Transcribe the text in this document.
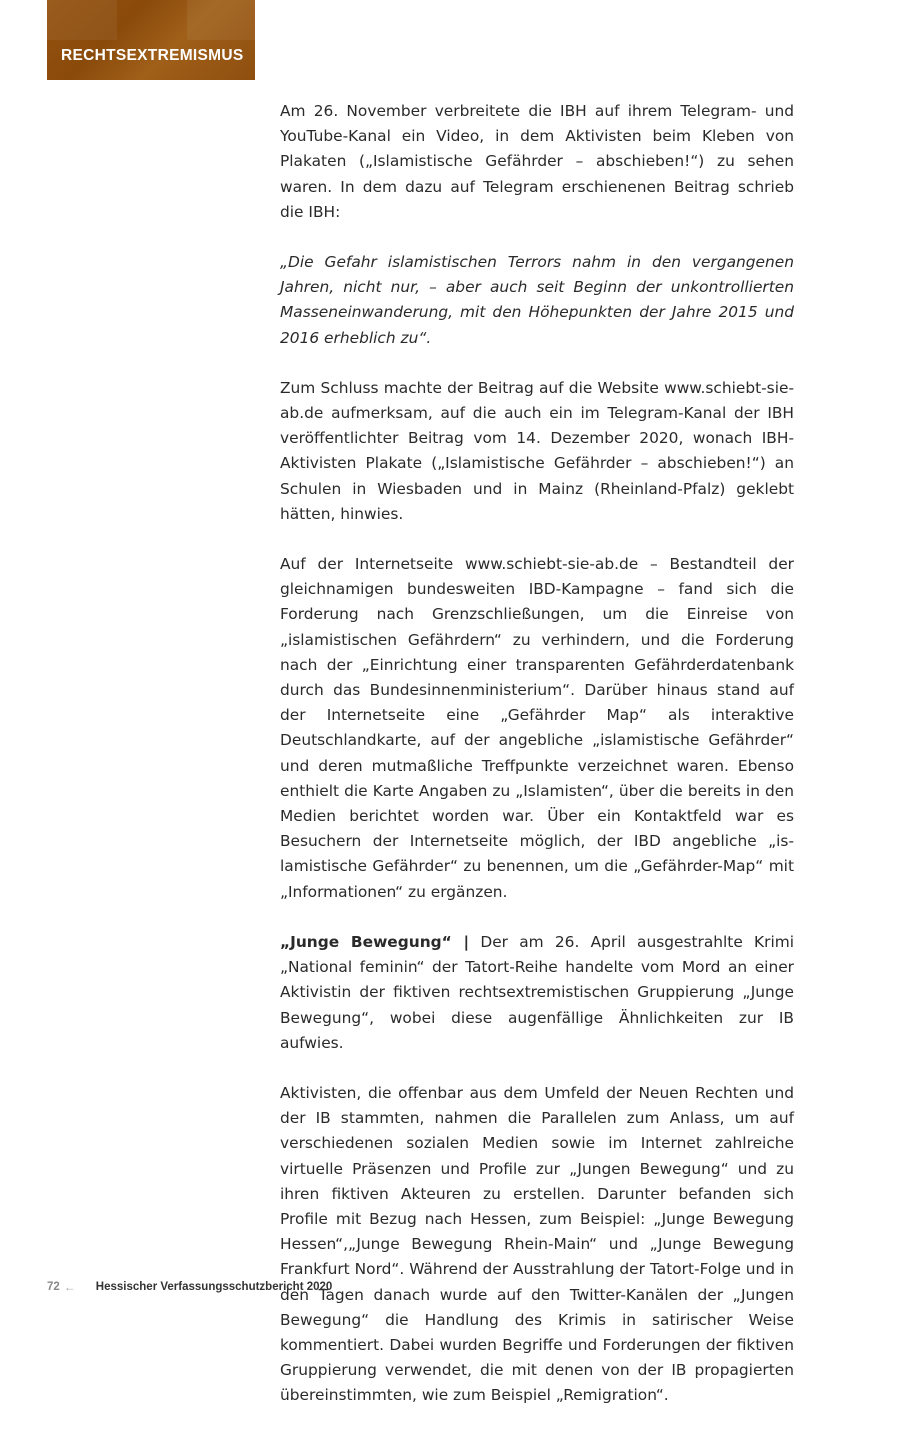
RECHTSEXTREMISMUS

Am 26. November verbreitete die IBH auf ihrem Telegram- und YouTube-Kanal ein Video, in dem Aktivisten beim Kleben von Plakaten („Islamistische Gefährder – abschieben!“) zu sehen waren. In dem dazu auf Telegram erschienenen Beitrag schrieb die IBH:

„Die Gefahr islamistischen Terrors nahm in den vergangenen Jahren, nicht nur, – aber auch seit Beginn der unkontrollierten Masseneinwanderung, mit den Höhepunkten der Jahre 2015 und 2016 erheblich zu“.

Zum Schluss machte der Beitrag auf die Website www.schiebt-sie-ab.de aufmerksam, auf die auch ein im Telegram-Kanal der IBH veröffentlichter Beitrag vom 14. Dezember 2020, wonach IBH-Aktivisten Plakate („Islamistische Gefährder – abschieben!“) an Schulen in Wiesbaden und in Mainz (Rheinland-Pfalz) geklebt hätten, hinwies.

Auf der Internetseite www.schiebt-sie-ab.de – Bestandteil der gleichnamigen bundesweiten IBD-Kampagne – fand sich die Forderung nach Grenzschließungen, um die Einreise von „islamistischen Gefährdern“ zu verhindern, und die Forderung nach der „Einrichtung einer transparenten Gefährderdatenbank durch das Bundesinnenministerium“. Darüber hinaus stand auf der Internetseite eine „Gefährder Map“ als interaktive Deutschlandkarte, auf der angebliche „islamistische Gefährder“ und deren mutmaßliche Treffpunkte verzeichnet waren. Ebenso enthielt die Karte Angaben zu „Islamisten“, über die bereits in den Medien berichtet worden war. Über ein Kontaktfeld war es Besuchern der Internetseite möglich, der IBD angebliche „islamistische Gefährder“ zu benennen, um die „Gefährder-Map“ mit „Informationen“ zu ergänzen.

„Junge Bewegung“ | Der am 26. April ausgestrahlte Krimi „National feminin“ der Tatort-Reihe handelte vom Mord an einer Aktivistin der fiktiven rechtsextremistischen Gruppierung „Junge Bewegung“, wobei diese augenfällige Ähnlichkeiten zur IB aufwies.

Aktivisten, die offenbar aus dem Umfeld der Neuen Rechten und der IB stammten, nahmen die Parallelen zum Anlass, um auf verschiedenen sozialen Medien sowie im Internet zahlreiche virtuelle Präsenzen und Profile zur „Jungen Bewegung“ und zu ihren fiktiven Akteuren zu erstellen. Darunter befanden sich Profile mit Bezug nach Hessen, zum Beispiel: „Junge Bewegung Hessen“,„Junge Bewegung Rhein-Main“ und „Junge Bewegung Frankfurt Nord“. Während der Ausstrahlung der Tatort-Folge und in den Tagen danach wurde auf den Twitter-Kanälen der „Jungen Bewegung“ die Handlung des Krimis in satirischer Weise kommentiert. Dabei wurden Begriffe und Forderungen der fiktiven Gruppierung verwendet, die mit denen von der IB propagierten übereinstimmten, wie zum Beispiel „Remigration“.

72 ← Hessischer Verfassungsschutzbericht 2020
